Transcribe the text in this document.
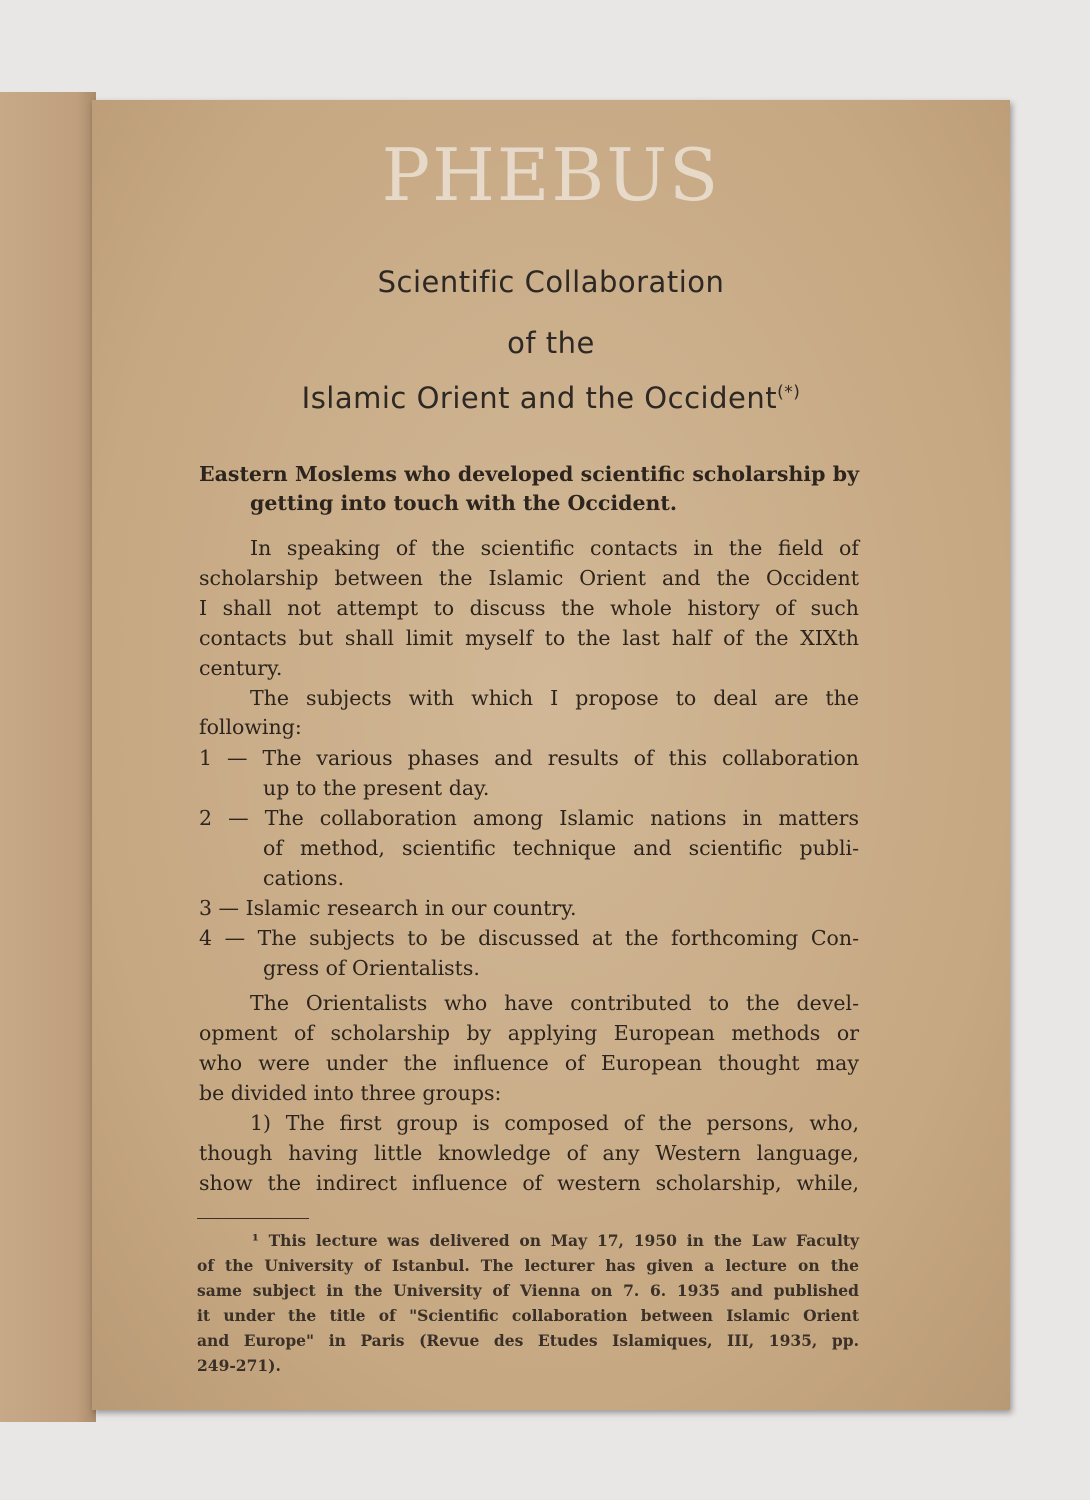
PHEBUS
Scientific Collaboration
of the
Islamic Orient and the Occident(*)
Eastern Moslems who developed scientific scholarship by
getting into touch with the Occident.
In speaking of the scientific contacts in the field of
scholarship between the Islamic Orient and the Occident
I shall not attempt to discuss the whole history of such
contacts but shall limit myself to the last half of the XIXth
century.
The subjects with which I propose to deal are the
following:
1 — The various phases and results of this collaboration
up to the present day.
2 — The collaboration among Islamic nations in matters
of method, scientific technique and scientific publi-
cations.
3 — Islamic research in our country.
4 — The subjects to be discussed at the forthcoming Con-
gress of Orientalists.
The Orientalists who have contributed to the devel-
opment of scholarship by applying European methods or
who were under the influence of European thought may
be divided into three groups:
1) The first group is composed of the persons, who,
though having little knowledge of any Western language,
show the indirect influence of western scholarship, while,
¹ This lecture was delivered on May 17, 1950 in the Law Faculty
of the University of Istanbul. The lecturer has given a lecture on the
same subject in the University of Vienna on 7. 6. 1935 and published
it under the title of "Scientific collaboration between Islamic Orient
and Europe" in Paris (Revue des Etudes Islamiques, III, 1935, pp.
249-271).
